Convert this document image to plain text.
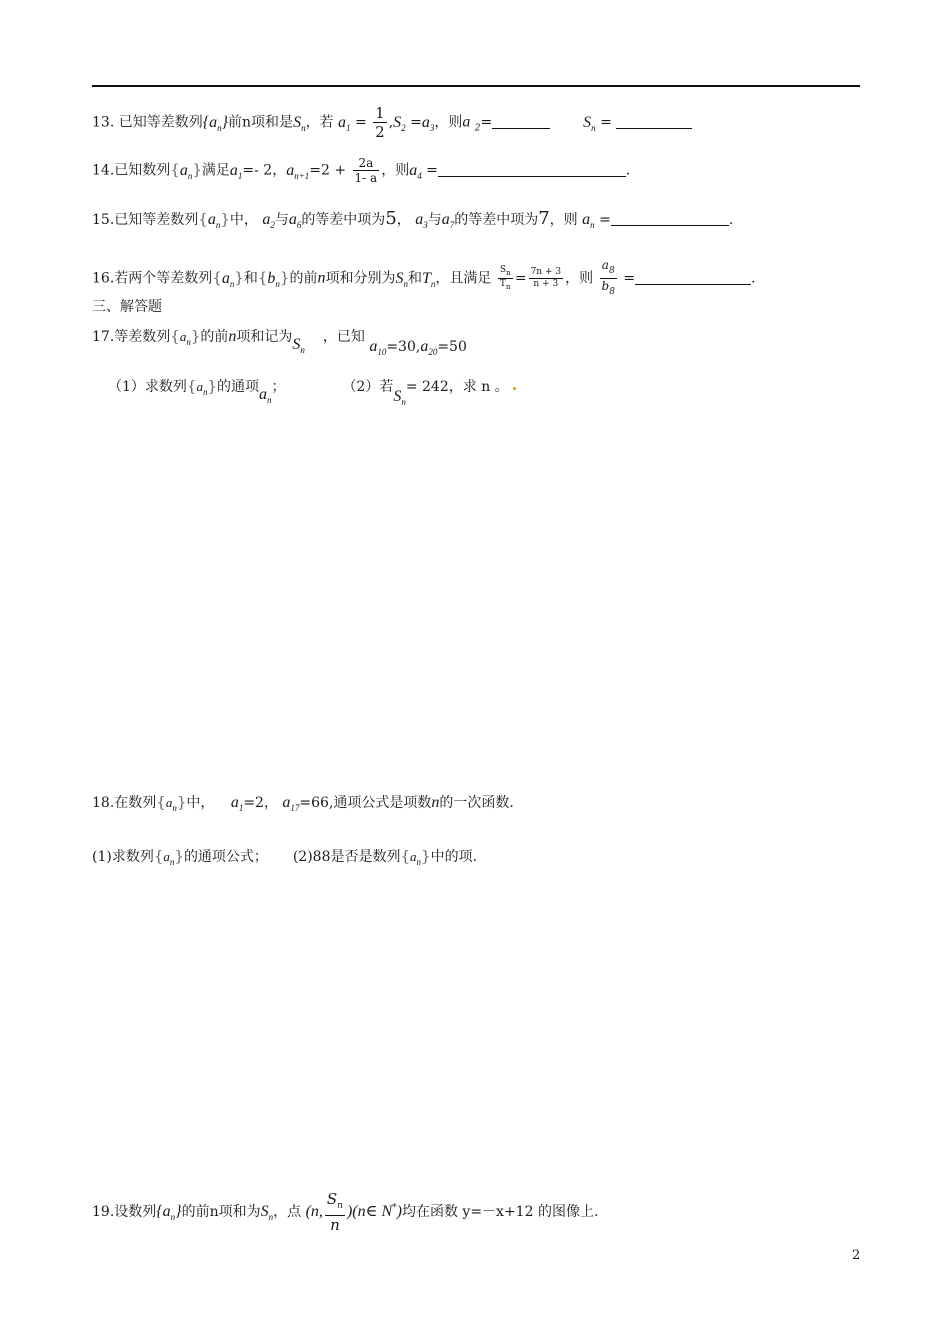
13. 已知等差数列$\{a_n\}$前n项和是$S_n$，若 $a_1 = \frac{1}{2} ,S_2 =a_3$，则a $_2$=	$S_n$ =
14.已知数列$\{a_n\}$满足$a_1=-$ 2，$a_{n+1}=2 + \frac{2a}{1- a}$ ，则$a_4$ =	.
15.已知等差数列$\{a_n\}$中， $a_2$与$a_6$的等差中项为5， $a_3$与$a_7$的等差中项为7，则 $a_n$ =	.
16.若两个等差数列$\{a_n\}$和$\{b_n\}$的前n项和分别为$S_n$和$T_n$，且满足 $\frac{S_n}{T_n} = \frac{7n + 3}{n + 3}$ ，则 $\frac{a_8}{b_8}$ =	.
三、解答题
17.等差数列$\{a_n\}$的前n项和记为$S_n$，已知 $a_{10}=30,a_{20}=50$
（1）求数列$\{a_n\}$的通项$a_n$；	（2）若$S_n= 242$，求 n 。
18.在数列$\{a_n\}$中， $a_1=2$， $a_{17}=66$,通项公式是项数n的一次函数.
(1)求数列$\{a_n\}$的通项公式； (2)88是否是数列$\{a_n\}$中的项.
19.设数列$\{a_n\}$的前n项和为$S_n$，点 (n, $\frac{S_n}{n}$ )(n∈ N*)均在函数 y=－x+12 的图像上.
2
